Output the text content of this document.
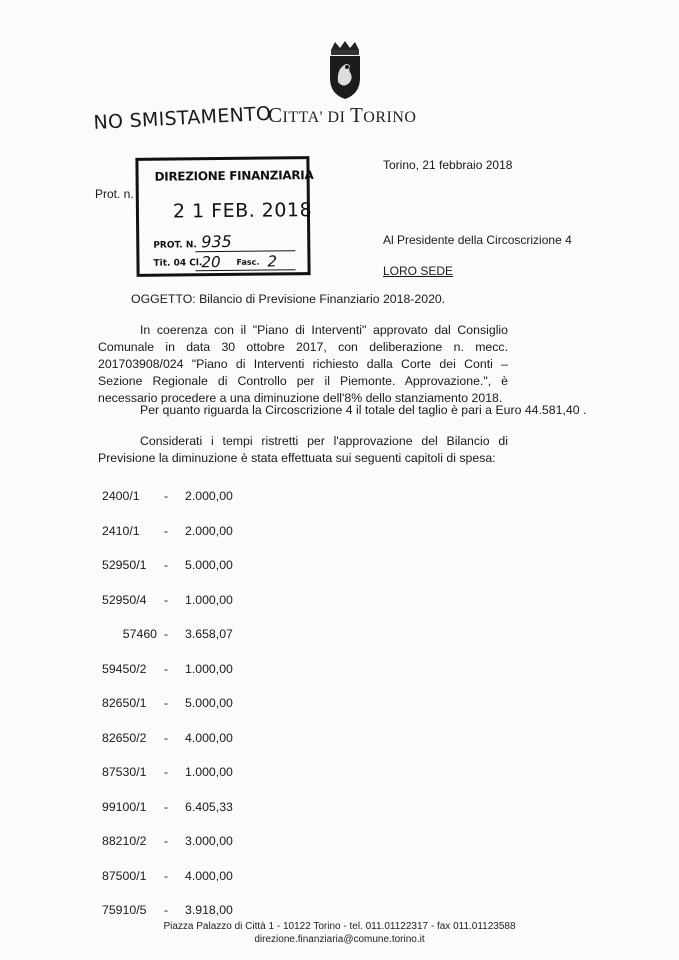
CITTA' DI TORINO
NO SMISTAMENTO
Prot. n.
DIREZIONE FINANZIARIA
2 1 FEB. 2018
PROT. N. 935
Tit. 04 Cl.
20 Fasc. 2
Torino, 21 febbraio 2018
Al Presidente della Circoscrizione 4
LORO SEDE
OGGETTO: Bilancio di Previsione Finanziario 2018-2020.
In coerenza con il "Piano di Interventi" approvato dal Consiglio Comunale in data 30 ottobre 2017, con deliberazione n. mecc. 201703908/024 "Piano di Interventi richiesto dalla Corte dei Conti – Sezione Regionale di Controllo per il Piemonte. Approvazione.", è necessario procedere a una diminuzione dell'8% dello stanziamento 2018.
Per quanto riguarda la Circoscrizione 4 il totale del taglio è pari a Euro 44.581,40 .
Considerati i tempi ristretti per l'approvazione del Bilancio di Previsione la diminuzione è stata effettuata sui seguenti capitoli di spesa:
2400/1	-	2.000,00
2410/1	-	2.000,00
52950/1	-	5.000,00
52950/4	-	1.000,00
57460 -	3.658,07
59450/2	-	1.000,00
82650/1	-	5.000,00
82650/2	-	4.000,00
87530/1	-	1.000,00
99100/1	-	6.405,33
88210/2	-	3.000,00
87500/1	-	4.000,00
75910/5	-	3.918,00
Piazza Palazzo di Città 1 - 10122 Torino - tel. 011.01122317 - fax 011.01123588
direzione.finanziaria@comune.torino.it
